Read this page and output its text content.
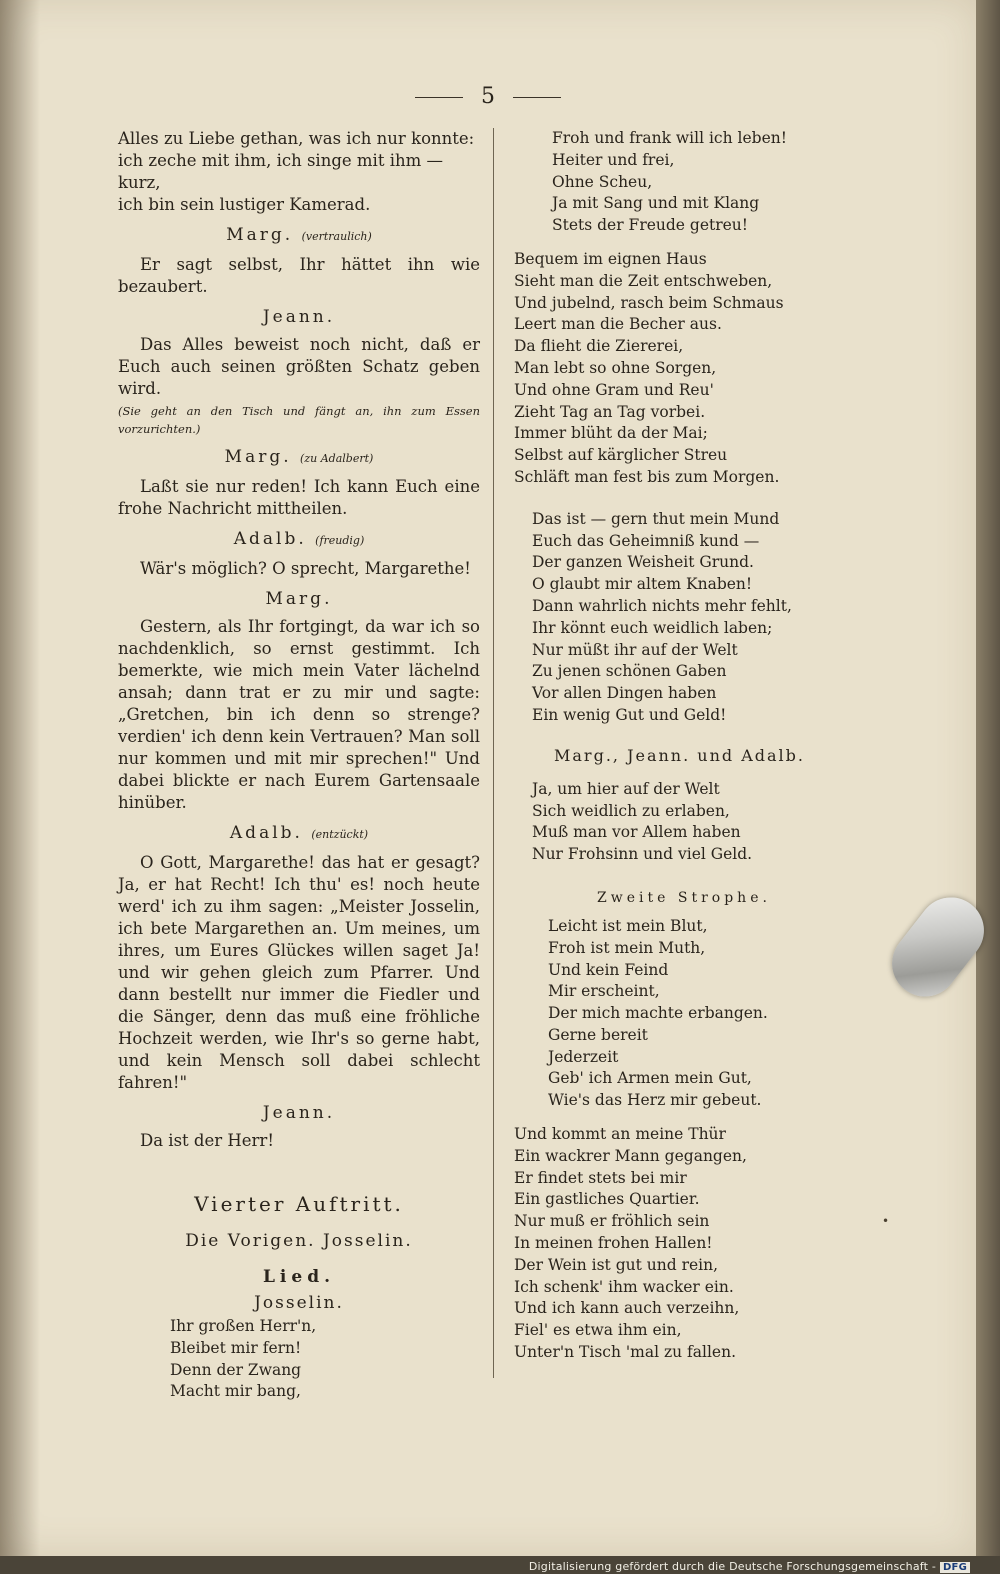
5
Alles zu Liebe gethan, was ich nur konnte:
ich zeche mit ihm, ich singe mit ihm — kurz,
ich bin sein lustiger Kamerad.
Marg. (vertraulich)

Er sagt selbst, Ihr hättet ihn wie bezaubert.

Jeann.

Das Alles beweist noch nicht, daß er Euch auch seinen größten Schatz geben wird.

(Sie geht an den Tisch und fängt an, ihn zum Essen vorzurichten.)

Marg. (zu Adalbert)

Laßt sie nur reden! Ich kann Euch eine frohe Nachricht mittheilen.

Adalb. (freudig)

Wär's möglich? O sprecht, Margarethe!

Marg.

Gestern, als Ihr fortgingt, da war ich so nachdenklich, so ernst gestimmt. Ich bemerkte, wie mich mein Vater lächelnd ansah; dann trat er zu mir und sagte: „Gretchen, bin ich denn so strenge? verdien' ich denn kein Vertrauen? Man soll nur kommen und mit mir sprechen!" Und dabei blickte er nach Eurem Gartensaale hinüber.

Adalb. (entzückt)

O Gott, Margarethe! das hat er gesagt? Ja, er hat Recht! Ich thu' es! noch heute werd' ich zu ihm sagen: „Meister Josselin, ich bete Margarethen an. Um meines, um ihres, um Eures Glückes willen saget Ja! und wir gehen gleich zum Pfarrer. Und dann bestellt nur immer die Fiedler und die Sänger, denn das muß eine fröhliche Hochzeit werden, wie Ihr's so gerne habt, und kein Mensch soll dabei schlecht fahren!"

Jeann.

Da ist der Herr!

Vierter Auftritt.

Die Vorigen. Josselin.

Lied.

Josselin.

Ihr großen Herr'n,
Bleibet mir fern!
Denn der Zwang
Macht mir bang,
Froh und frank will ich leben!
Heiter und frei,
Ohne Scheu,
Ja mit Sang und mit Klang
Stets der Freude getreu!
Bequem im eignen Haus
Sieht man die Zeit entschweben,
Und jubelnd, rasch beim Schmaus
Leert man die Becher aus.
Da flieht die Ziererei,
Man lebt so ohne Sorgen,
Und ohne Gram und Reu'
Zieht Tag an Tag vorbei.
Immer blüht da der Mai;
Selbst auf kärglicher Streu
Schläft man fest bis zum Morgen.
Das ist — gern thut mein Mund
Euch das Geheimniß kund —
Der ganzen Weisheit Grund.
O glaubt mir altem Knaben!
Dann wahrlich nichts mehr fehlt,
Ihr könnt euch weidlich laben;
Nur müßt ihr auf der Welt
Zu jenen schönen Gaben
Vor allen Dingen haben
Ein wenig Gut und Geld!

Marg., Jeann. und Adalb.

Ja, um hier auf der Welt
Sich weidlich zu erlaben,
Muß man vor Allem haben
Nur Frohsinn und viel Geld.

Zweite Strophe.

Leicht ist mein Blut,
Froh ist mein Muth,
Und kein Feind
Mir erscheint,
Der mich machte erbangen.
Gerne bereit
Jederzeit
Geb' ich Armen mein Gut,
Wie's das Herz mir gebeut.
Und kommt an meine Thür
Ein wackrer Mann gegangen,
Er findet stets bei mir
Ein gastliches Quartier.
Nur muß er fröhlich sein
In meinen frohen Hallen!
Der Wein ist gut und rein,
Ich schenk' ihm wacker ein.
Und ich kann auch verzeihn,
Fiel' es etwa ihm ein,
Unter'n Tisch 'mal zu fallen.
•
Digitalisierung gefördert durch die Deutsche Forschungsgemeinschaft - DFG
